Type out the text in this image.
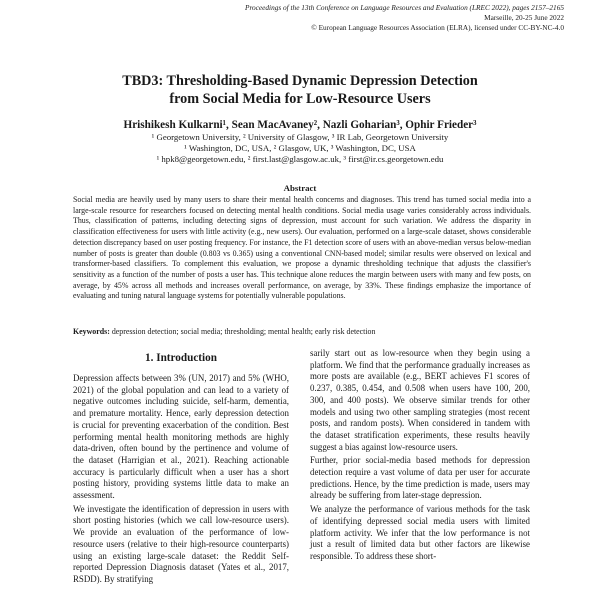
Proceedings of the 13th Conference on Language Resources and Evaluation (LREC 2022), pages 2157–2165
Marseille, 20-25 June 2022
© European Language Resources Association (ELRA), licensed under CC-BY-NC-4.0
TBD3: Thresholding-Based Dynamic Depression Detection
from Social Media for Low-Resource Users
Hrishikesh Kulkarni¹, Sean MacAvaney², Nazli Goharian³, Ophir Frieder³
¹ Georgetown University, ² University of Glasgow, ³ IR Lab, Georgetown University
¹ Washington, DC, USA, ² Glasgow, UK, ³ Washington, DC, USA
¹ hpk8@georgetown.edu, ² first.last@glasgow.ac.uk, ³ first@ir.cs.georgetown.edu
Abstract
Social media are heavily used by many users to share their mental health concerns and diagnoses. This trend has turned social media into a large-scale resource for researchers focused on detecting mental health conditions. Social media usage varies considerably across individuals. Thus, classification of patterns, including detecting signs of depression, must account for such variation. We address the disparity in classification effectiveness for users with little activity (e.g., new users). Our evaluation, performed on a large-scale dataset, shows considerable detection discrepancy based on user posting frequency. For instance, the F1 detection score of users with an above-median versus below-median number of posts is greater than double (0.803 vs 0.365) using a conventional CNN-based model; similar results were observed on lexical and transformer-based classifiers. To complement this evaluation, we propose a dynamic thresholding technique that adjusts the classifier's sensitivity as a function of the number of posts a user has. This technique alone reduces the margin between users with many and few posts, on average, by 45% across all methods and increases overall performance, on average, by 33%. These findings emphasize the importance of evaluating and tuning natural language systems for potentially vulnerable populations.
Keywords: depression detection; social media; thresholding; mental health; early risk detection
1. Introduction

Depression affects between 3% (UN, 2017) and 5% (WHO, 2021) of the global population and can lead to a variety of negative outcomes including suicide, self-harm, dementia, and premature mortality. Hence, early depression detection is crucial for preventing exacerbation of the condition. Best performing mental health monitoring methods are highly data-driven, often bound by the pertinence and volume of the dataset (Harrigian et al., 2021). Reaching actionable accuracy is particularly difficult when a user has a short posting history, providing systems little data to make an assessment.

We investigate the identification of depression in users with short posting histories (which we call low-resource users). We provide an evaluation of the performance of low-resource users (relative to their high-resource counterparts) using an existing large-scale dataset: the Reddit Self-reported Depression Diagnosis dataset (Yates et al., 2017, RSDD). By stratifying

sarily start out as low-resource when they begin using a platform. We find that the performance gradually increases as more posts are available (e.g., BERT achieves F1 scores of 0.237, 0.385, 0.454, and 0.508 when users have 100, 200, 300, and 400 posts). We observe similar trends for other models and using two other sampling strategies (most recent posts, and random posts). When considered in tandem with the dataset stratification experiments, these results heavily suggest a bias against low-resource users.

Further, prior social-media based methods for depression detection require a vast volume of data per user for accurate predictions. Hence, by the time prediction is made, users may already be suffering from later-stage depression.

We analyze the performance of various methods for the task of identifying depressed social media users with limited platform activity. We infer that the low performance is not just a result of limited data but other factors are likewise responsible. To address these short-
